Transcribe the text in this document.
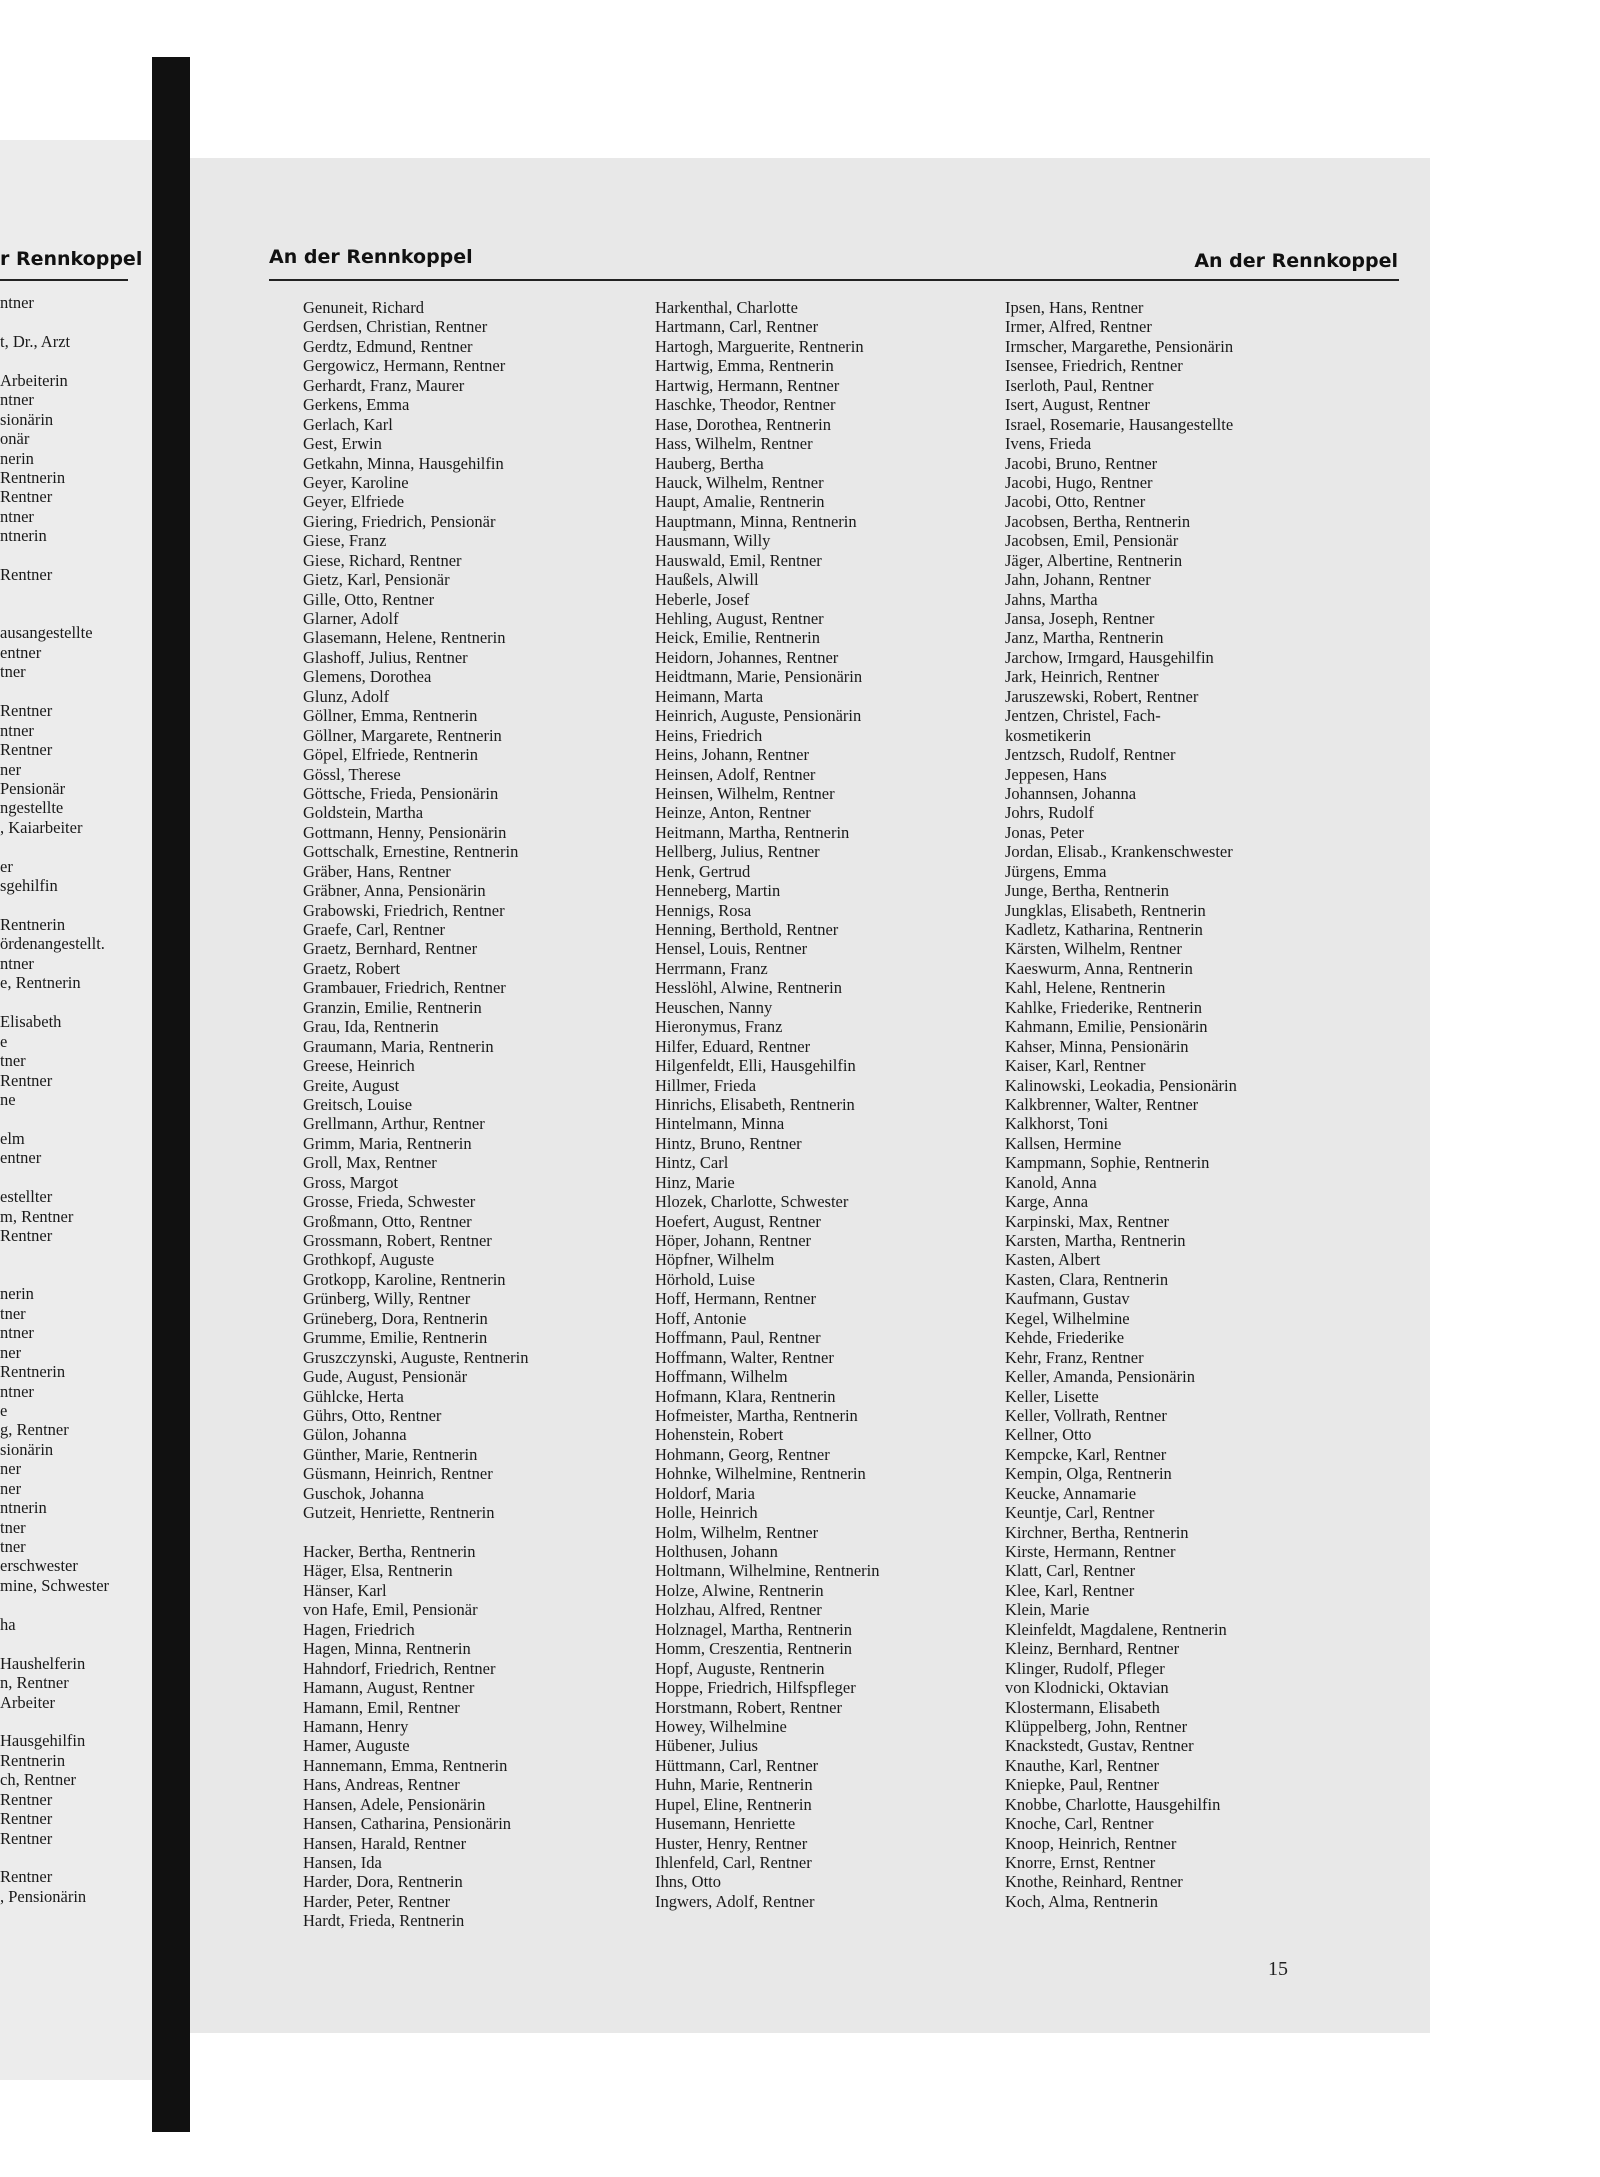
r Rennkoppel
ntner
t, Dr., Arzt
Arbeiterin
ntner
sionärin
onär
nerin
Rentnerin
Rentner
ntner
ntnerin
Rentner
ausangestellte
entner
tner
Rentner
ntner
Rentner
ner
Pensionär
ngestellte
, Kaiarbeiter
er
sgehilfin
Rentnerin
ördenangestellt.
ntner
e, Rentnerin
Elisabeth
e
tner
Rentner
ne
elm
entner
estellter
m, Rentner
Rentner
nerin
tner
ntner
ner
Rentnerin
ntner
e
g, Rentner
sionärin
ner
ner
ntnerin
tner
tner
erschwester
mine, Schwester
ha
Haushelferin
n, Rentner
Arbeiter
Hausgehilfin
Rentnerin
ch, Rentner
Rentner
Rentner
Rentner
Rentner
, Pensionärin
An der Rennkoppel	An der Rennkoppel
Genuneit, Richard
Gerdsen, Christian, Rentner
Gerdtz, Edmund, Rentner
Gergowicz, Hermann, Rentner
Gerhardt, Franz, Maurer
Gerkens, Emma
Gerlach, Karl
Gest, Erwin
Getkahn, Minna, Hausgehilfin
Geyer, Karoline
Geyer, Elfriede
Giering, Friedrich, Pensionär
Giese, Franz
Giese, Richard, Rentner
Gietz, Karl, Pensionär
Gille, Otto, Rentner
Glarner, Adolf
Glasemann, Helene, Rentnerin
Glashoff, Julius, Rentner
Glemens, Dorothea
Glunz, Adolf
Göllner, Emma, Rentnerin
Göllner, Margarete, Rentnerin
Göpel, Elfriede, Rentnerin
Gössl, Therese
Göttsche, Frieda, Pensionärin
Goldstein, Martha
Gottmann, Henny, Pensionärin
Gottschalk, Ernestine, Rentnerin
Gräber, Hans, Rentner
Gräbner, Anna, Pensionärin
Grabowski, Friedrich, Rentner
Graefe, Carl, Rentner
Graetz, Bernhard, Rentner
Graetz, Robert
Grambauer, Friedrich, Rentner
Granzin, Emilie, Rentnerin
Grau, Ida, Rentnerin
Graumann, Maria, Rentnerin
Greese, Heinrich
Greite, August
Greitsch, Louise
Grellmann, Arthur, Rentner
Grimm, Maria, Rentnerin
Groll, Max, Rentner
Gross, Margot
Grosse, Frieda, Schwester
Großmann, Otto, Rentner
Grossmann, Robert, Rentner
Grothkopf, Auguste
Grotkopp, Karoline, Rentnerin
Grünberg, Willy, Rentner
Grüneberg, Dora, Rentnerin
Grumme, Emilie, Rentnerin
Gruszczynski, Auguste, Rentnerin
Gude, August, Pensionär
Gühlcke, Herta
Gührs, Otto, Rentner
Gülon, Johanna
Günther, Marie, Rentnerin
Güsmann, Heinrich, Rentner
Guschok, Johanna
Gutzeit, Henriette, Rentnerin
Hacker, Bertha, Rentnerin
Häger, Elsa, Rentnerin
Hänser, Karl
von Hafe, Emil, Pensionär
Hagen, Friedrich
Hagen, Minna, Rentnerin
Hahndorf, Friedrich, Rentner
Hamann, August, Rentner
Hamann, Emil, Rentner
Hamann, Henry
Hamer, Auguste
Hannemann, Emma, Rentnerin
Hans, Andreas, Rentner
Hansen, Adele, Pensionärin
Hansen, Catharina, Pensionärin
Hansen, Harald, Rentner
Hansen, Ida
Harder, Dora, Rentnerin
Harder, Peter, Rentner
Hardt, Frieda, Rentnerin
Harkenthal, Charlotte
Hartmann, Carl, Rentner
Hartogh, Marguerite, Rentnerin
Hartwig, Emma, Rentnerin
Hartwig, Hermann, Rentner
Haschke, Theodor, Rentner
Hase, Dorothea, Rentnerin
Hass, Wilhelm, Rentner
Hauberg, Bertha
Hauck, Wilhelm, Rentner
Haupt, Amalie, Rentnerin
Hauptmann, Minna, Rentnerin
Hausmann, Willy
Hauswald, Emil, Rentner
Haußels, Alwill
Heberle, Josef
Hehling, August, Rentner
Heick, Emilie, Rentnerin
Heidorn, Johannes, Rentner
Heidtmann, Marie, Pensionärin
Heimann, Marta
Heinrich, Auguste, Pensionärin
Heins, Friedrich
Heins, Johann, Rentner
Heinsen, Adolf, Rentner
Heinsen, Wilhelm, Rentner
Heinze, Anton, Rentner
Heitmann, Martha, Rentnerin
Hellberg, Julius, Rentner
Henk, Gertrud
Henneberg, Martin
Hennigs, Rosa
Henning, Berthold, Rentner
Hensel, Louis, Rentner
Herrmann, Franz
Hesslöhl, Alwine, Rentnerin
Heuschen, Nanny
Hieronymus, Franz
Hilfer, Eduard, Rentner
Hilgenfeldt, Elli, Hausgehilfin
Hillmer, Frieda
Hinrichs, Elisabeth, Rentnerin
Hintelmann, Minna
Hintz, Bruno, Rentner
Hintz, Carl
Hinz, Marie
Hlozek, Charlotte, Schwester
Hoefert, August, Rentner
Höper, Johann, Rentner
Höpfner, Wilhelm
Hörhold, Luise
Hoff, Hermann, Rentner
Hoff, Antonie
Hoffmann, Paul, Rentner
Hoffmann, Walter, Rentner
Hoffmann, Wilhelm
Hofmann, Klara, Rentnerin
Hofmeister, Martha, Rentnerin
Hohenstein, Robert
Hohmann, Georg, Rentner
Hohnke, Wilhelmine, Rentnerin
Holdorf, Maria
Holle, Heinrich
Holm, Wilhelm, Rentner
Holthusen, Johann
Holtmann, Wilhelmine, Rentnerin
Holze, Alwine, Rentnerin
Holzhau, Alfred, Rentner
Holznagel, Martha, Rentnerin
Homm, Creszentia, Rentnerin
Hopf, Auguste, Rentnerin
Hoppe, Friedrich, Hilfspfleger
Horstmann, Robert, Rentner
Howey, Wilhelmine
Hübener, Julius
Hüttmann, Carl, Rentner
Huhn, Marie, Rentnerin
Hupel, Eline, Rentnerin
Husemann, Henriette
Huster, Henry, Rentner
Ihlenfeld, Carl, Rentner
Ihns, Otto
Ingwers, Adolf, Rentner
Ipsen, Hans, Rentner
Irmer, Alfred, Rentner
Irmscher, Margarethe, Pensionärin
Isensee, Friedrich, Rentner
Iserloth, Paul, Rentner
Isert, August, Rentner
Israel, Rosemarie, Hausangestellte
Ivens, Frieda
Jacobi, Bruno, Rentner
Jacobi, Hugo, Rentner
Jacobi, Otto, Rentner
Jacobsen, Bertha, Rentnerin
Jacobsen, Emil, Pensionär
Jäger, Albertine, Rentnerin
Jahn, Johann, Rentner
Jahns, Martha
Jansa, Joseph, Rentner
Janz, Martha, Rentnerin
Jarchow, Irmgard, Hausgehilfin
Jark, Heinrich, Rentner
Jaruszewski, Robert, Rentner
Jentzen, Christel, Fach-
kosmetikerin
Jentzsch, Rudolf, Rentner
Jeppesen, Hans
Johannsen, Johanna
Johrs, Rudolf
Jonas, Peter
Jordan, Elisab., Krankenschwester
Jürgens, Emma
Junge, Bertha, Rentnerin
Jungklas, Elisabeth, Rentnerin
Kadletz, Katharina, Rentnerin
Kärsten, Wilhelm, Rentner
Kaeswurm, Anna, Rentnerin
Kahl, Helene, Rentnerin
Kahlke, Friederike, Rentnerin
Kahmann, Emilie, Pensionärin
Kahser, Minna, Pensionärin
Kaiser, Karl, Rentner
Kalinowski, Leokadia, Pensionärin
Kalkbrenner, Walter, Rentner
Kalkhorst, Toni
Kallsen, Hermine
Kampmann, Sophie, Rentnerin
Kanold, Anna
Karge, Anna
Karpinski, Max, Rentner
Karsten, Martha, Rentnerin
Kasten, Albert
Kasten, Clara, Rentnerin
Kaufmann, Gustav
Kegel, Wilhelmine
Kehde, Friederike
Kehr, Franz, Rentner
Keller, Amanda, Pensionärin
Keller, Lisette
Keller, Vollrath, Rentner
Kellner, Otto
Kempcke, Karl, Rentner
Kempin, Olga, Rentnerin
Keucke, Annamarie
Keuntje, Carl, Rentner
Kirchner, Bertha, Rentnerin
Kirste, Hermann, Rentner
Klatt, Carl, Rentner
Klee, Karl, Rentner
Klein, Marie
Kleinfeldt, Magdalene, Rentnerin
Kleinz, Bernhard, Rentner
Klinger, Rudolf, Pfleger
von Klodnicki, Oktavian
Klostermann, Elisabeth
Klüppelberg, John, Rentner
Knackstedt, Gustav, Rentner
Knauthe, Karl, Rentner
Kniepke, Paul, Rentner
Knobbe, Charlotte, Hausgehilfin
Knoche, Carl, Rentner
Knoop, Heinrich, Rentner
Knorre, Ernst, Rentner
Knothe, Reinhard, Rentner
Koch, Alma, Rentnerin
15
